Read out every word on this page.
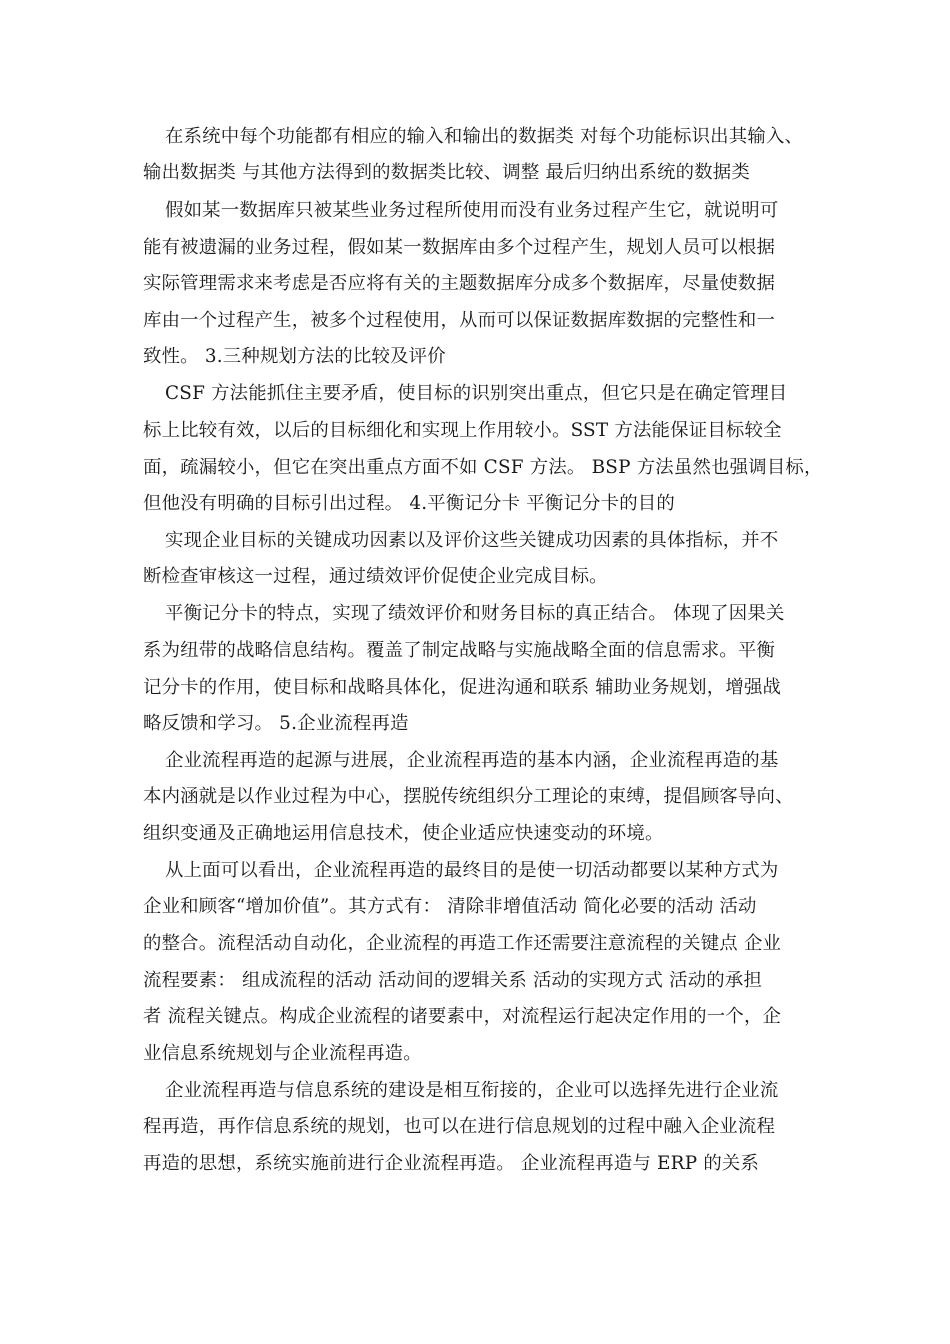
在系统中每个功能都有相应的输入和输出的数据类 对每个功能标识出其输入、
输出数据类 与其他方法得到的数据类比较、调整 最后归纳出系统的数据类
假如某一数据库只被某些业务过程所使用而没有业务过程产生它，就说明可
能有被遗漏的业务过程，假如某一数据库由多个过程产生，规划人员可以根据
实际管理需求来考虑是否应将有关的主题数据库分成多个数据库，尽量使数据
库由一个过程产生，被多个过程使用，从而可以保证数据库数据的完整性和一
致性。 3.三种规划方法的比较及评价
CSF 方法能抓住主要矛盾，使目标的识别突出重点，但它只是在确定管理目
标上比较有效，以后的目标细化和实现上作用较小。SST 方法能保证目标较全
面，疏漏较小，但它在突出重点方面不如 CSF 方法。 BSP 方法虽然也强调目标，
但他没有明确的目标引出过程。 4.平衡记分卡 平衡记分卡的目的
实现企业目标的关键成功因素以及评价这些关键成功因素的具体指标，并不
断检查审核这一过程，通过绩效评价促使企业完成目标。
平衡记分卡的特点，实现了绩效评价和财务目标的真正结合。 体现了因果关
系为纽带的战略信息结构。覆盖了制定战略与实施战略全面的信息需求。平衡
记分卡的作用，使目标和战略具体化，促进沟通和联系 辅助业务规划，增强战
略反馈和学习。 5.企业流程再造
企业流程再造的起源与进展，企业流程再造的基本内涵，企业流程再造的基
本内涵就是以作业过程为中心，摆脱传统组织分工理论的束缚，提倡顾客导向、
组织变通及正确地运用信息技术，使企业适应快速变动的环境。
从上面可以看出，企业流程再造的最终目的是使一切活动都要以某种方式为
企业和顾客“增加价值”。其方式有： 清除非增值活动 简化必要的活动 活动
的整合。流程活动自动化，企业流程的再造工作还需要注意流程的关键点 企业
流程要素： 组成流程的活动 活动间的逻辑关系 活动的实现方式 活动的承担
者 流程关键点。构成企业流程的诸要素中，对流程运行起决定作用的一个，企
业信息系统规划与企业流程再造。
企业流程再造与信息系统的建设是相互衔接的，企业可以选择先进行企业流
程再造，再作信息系统的规划，也可以在进行信息规划的过程中融入企业流程
再造的思想，系统实施前进行企业流程再造。 企业流程再造与 ERP 的关系
